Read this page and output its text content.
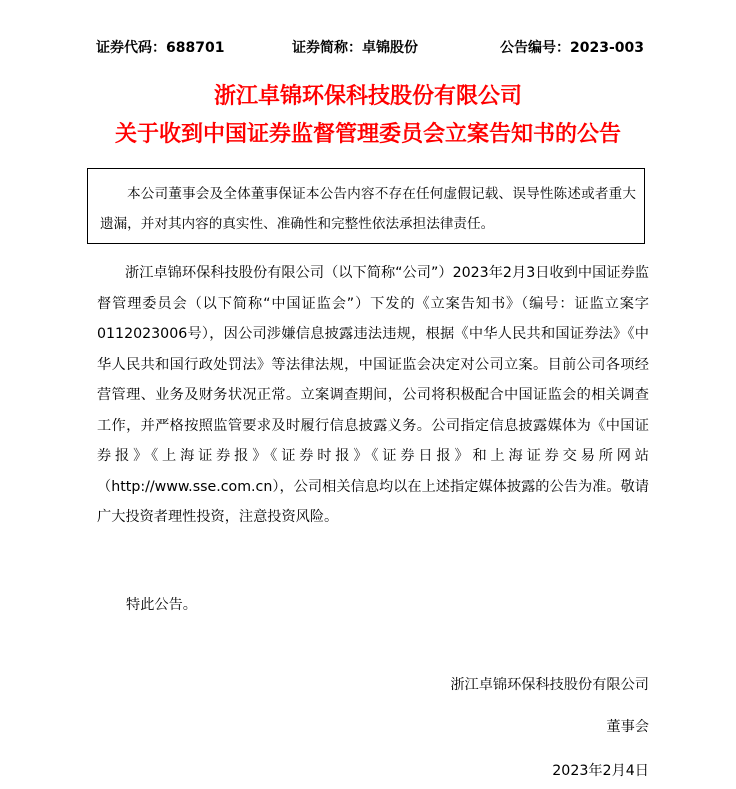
证券代码：688701	证券简称：卓锦股份	公告编号：2023-003
浙江卓锦环保科技股份有限公司
关于收到中国证券监督管理委员会立案告知书的公告
本公司董事会及全体董事保证本公告内容不存在任何虚假记载、误导性陈述或者重大遗漏，并对其内容的真实性、准确性和完整性依法承担法律责任。

浙江卓锦环保科技股份有限公司（以下简称“公司”）2023年2月3日收到中国证券监督管理委员会（以下简称“中国证监会”）下发的《立案告知书》（编号：证监立案字0112023006号），因公司涉嫌信息披露违法违规，根据《中华人民共和国证券法》《中华人民共和国行政处罚法》等法律法规，中国证监会决定对公司立案。目前公司各项经营管理、业务及财务状况正常。立案调查期间，公司将积极配合中国证监会的相关调查工作，并严格按照监管要求及时履行信息披露义务。公司指定信息披露媒体为《中国证券报》《上海证券报》《证券时报》《证券日报》和上海证券交易所网站（http://www.sse.com.cn），公司相关信息均以在上述指定媒体披露的公告为准。敬请广大投资者理性投资，注意投资风险。

特此公告。
浙江卓锦环保科技股份有限公司
董事会
2023年2月4日
